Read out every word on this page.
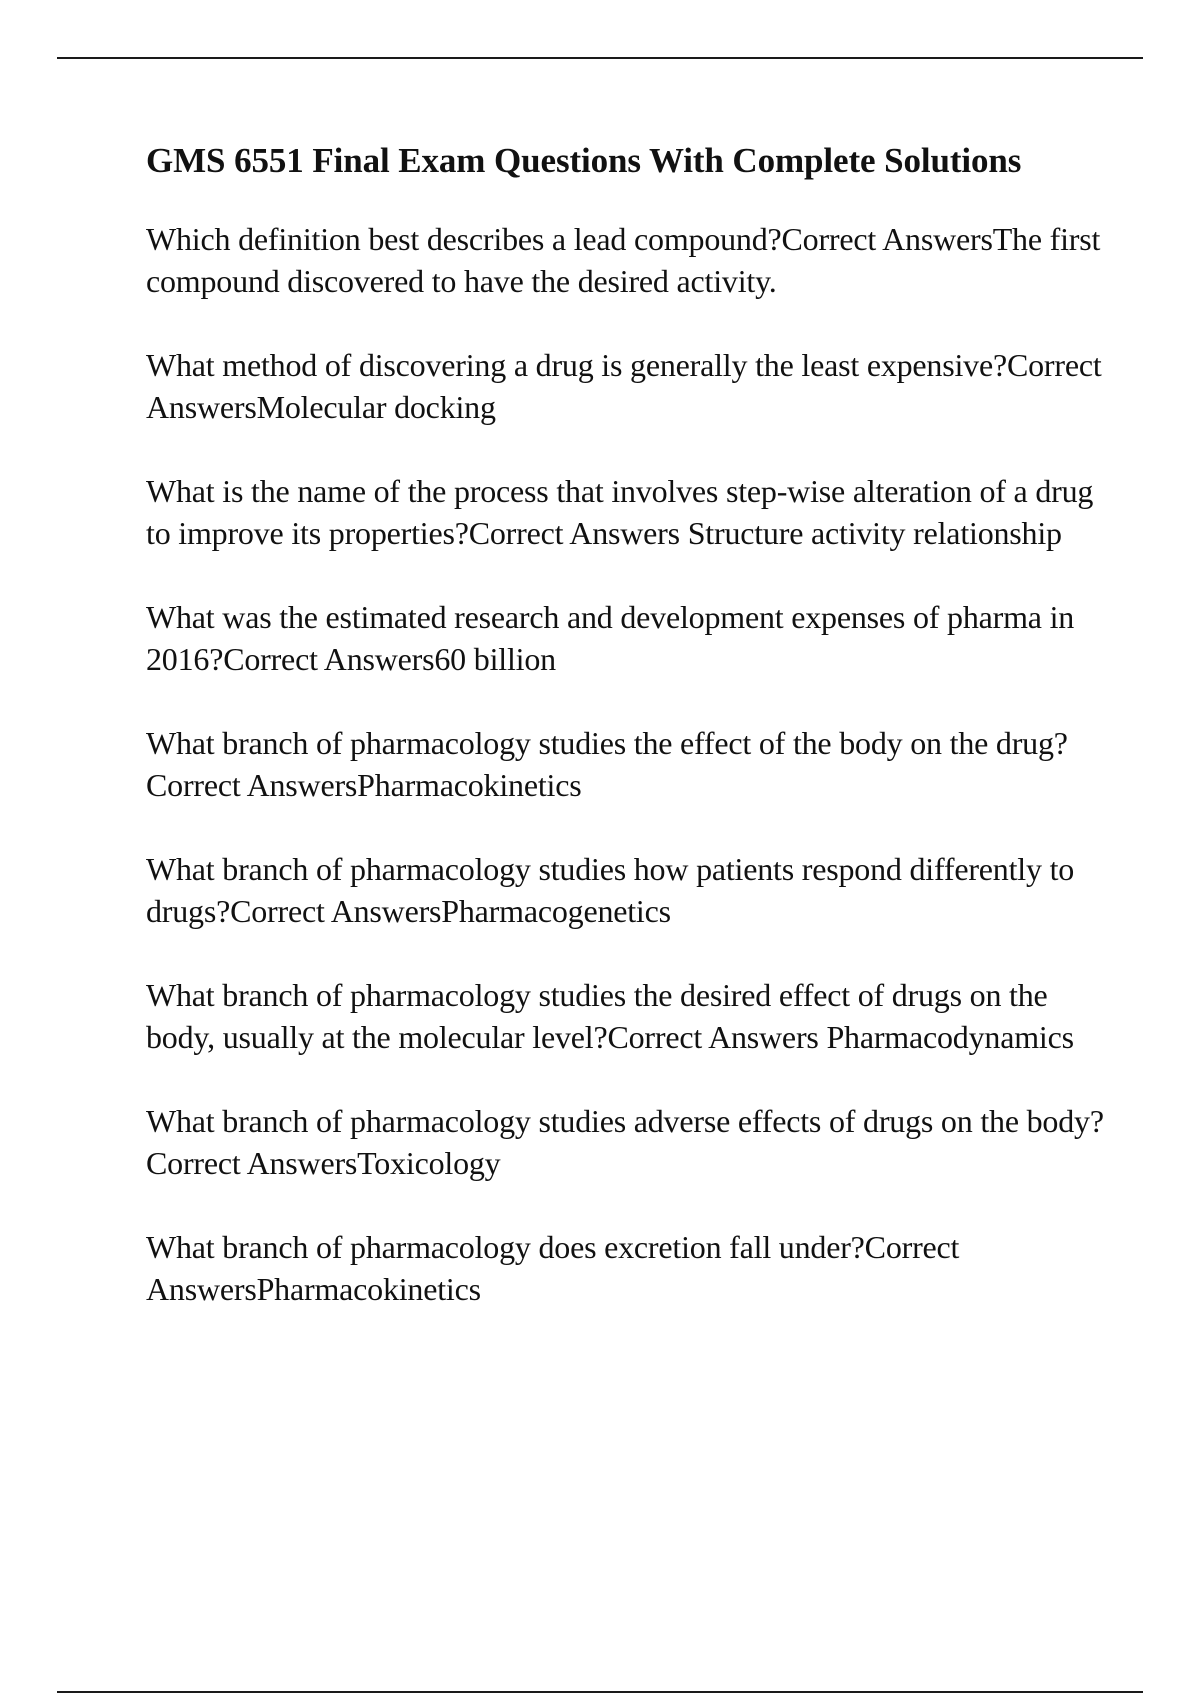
GMS 6551 Final Exam Questions With Complete Solutions
Which definition best describes a lead compound?Correct AnswersThe first compound discovered to have the desired activity.
What method of discovering a drug is generally the least expensive?Correct AnswersMolecular docking
What is the name of the process that involves step-wise alteration of a drug to improve its properties?Correct Answers Structure activity relationship
What was the estimated research and development expenses of pharma in 2016?Correct Answers60 billion
What branch of pharmacology studies the effect of the body on the drug?Correct AnswersPharmacokinetics
What branch of pharmacology studies how patients respond differently to drugs?Correct AnswersPharmacogenetics
What branch of pharmacology studies the desired effect of drugs on the body, usually at the molecular level?Correct Answers Pharmacodynamics
What branch of pharmacology studies adverse effects of drugs on the body?Correct AnswersToxicology
What branch of pharmacology does excretion fall under?Correct AnswersPharmacokinetics
